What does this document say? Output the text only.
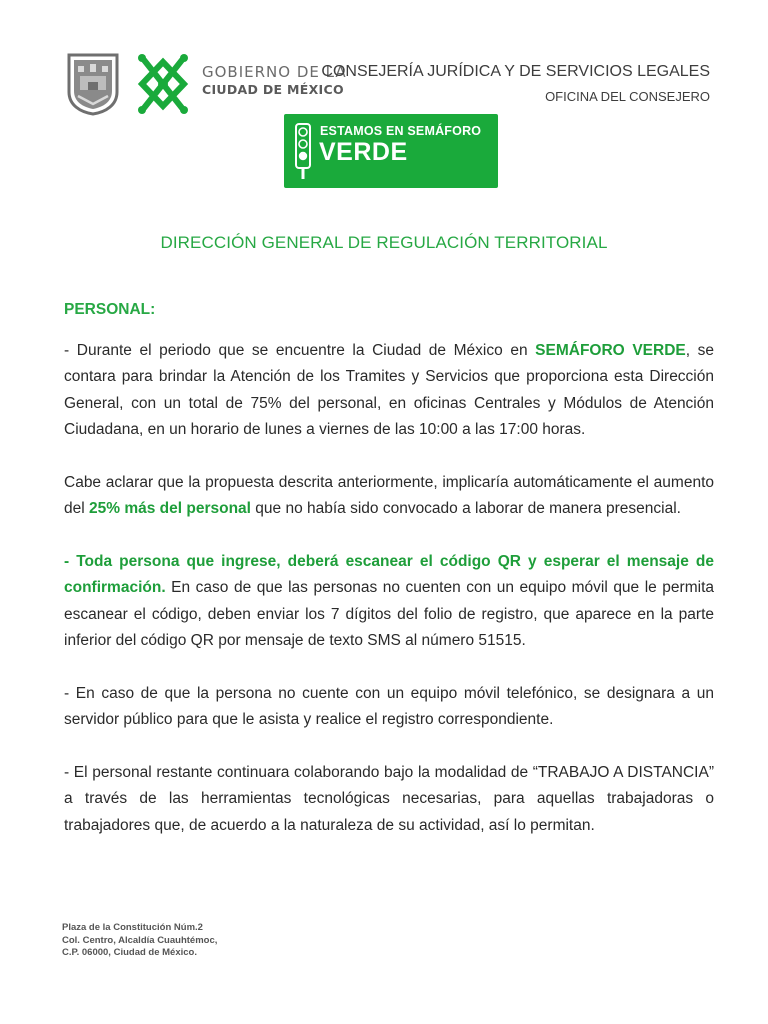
GOBIERNO DE LA
CIUDAD DE MÉXICO
CONSEJERÍA JURÍDICA Y DE SERVICIOS LEGALES
OFICINA DEL CONSEJERO
ESTAMOS EN SEMÁFORO
VERDE
DIRECCIÓN GENERAL DE REGULACIÓN TERRITORIAL
PERSONAL:

- Durante el periodo que se encuentre la Ciudad de México en SEMÁFORO VERDE, se contara para brindar la Atención de los Tramites y Servicios que proporciona esta Dirección General, con un total de 75% del personal, en oficinas Centrales y Módulos de Atención Ciudadana, en un horario de lunes a viernes de las 10:00 a las 17:00 horas.

Cabe aclarar que la propuesta descrita anteriormente, implicaría automáticamente el aumento del 25% más del personal que no había sido convocado a laborar de manera presencial.

- Toda persona que ingrese, deberá escanear el código QR y esperar el mensaje de confirmación. En caso de que las personas no cuenten con un equipo móvil que le permita escanear el código, deben enviar los 7 dígitos del folio de registro, que aparece en la parte inferior del código QR por mensaje de texto SMS al número 51515.

- En caso de que la persona no cuente con un equipo móvil telefónico, se designara a un servidor público para que le asista y realice el registro correspondiente.

- El personal restante continuara colaborando bajo la modalidad de “TRABAJO A DISTANCIA” a través de las herramientas tecnológicas necesarias, para aquellas trabajadoras o trabajadores que, de acuerdo a la naturaleza de su actividad, así lo permitan.

Plaza de la Constitución Núm.2
Col. Centro, Alcaldía Cuauhtémoc,
C.P. 06000, Ciudad de México.
